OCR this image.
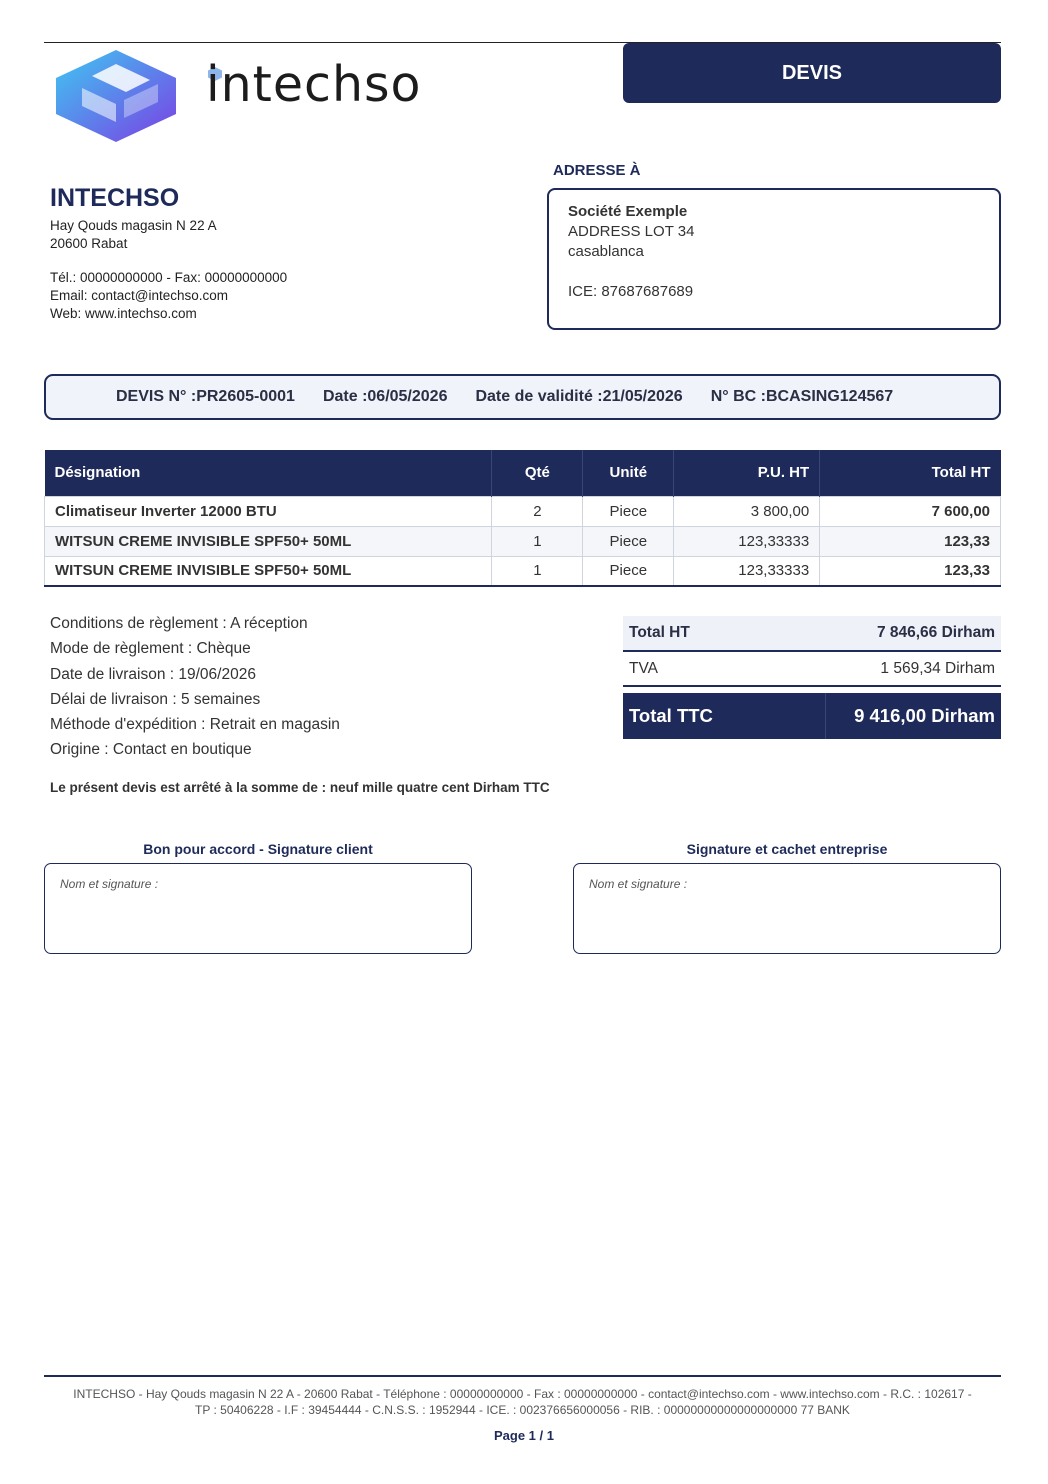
intechso	DEVIS
INTECHSO
Hay Qouds magasin N 22 A
20600 Rabat
Tél.: 00000000000 - Fax: 00000000000
Email: contact@intechso.com
Web: www.intechso.com
ADRESSE À
Société Exemple
ADDRESS LOT 34
casablanca
ICE: 87687687689
DEVIS N° :PR2605-0001 Date :06/05/2026 Date de validité :21/05/2026 N° BC :BCASING124567
Désignation	Qté	Unité	P.U. HT	Total HT
Climatiseur Inverter 12000 BTU	2	Piece	3 800,00	7 600,00
WITSUN CREME INVISIBLE SPF50+ 50ML	1	Piece	123,33333	123,33
WITSUN CREME INVISIBLE SPF50+ 50ML	1	Piece	123,33333	123,33
Conditions de règlement : A réception
Mode de règlement : Chèque
Date de livraison : 19/06/2026
Délai de livraison : 5 semaines
Méthode d'expédition : Retrait en magasin
Origine : Contact en boutique
Total HT	7 846,66 Dirham
TVA	1 569,34 Dirham
Total TTC	9 416,00 Dirham
Le présent devis est arrêté à la somme de : neuf mille quatre cent Dirham TTC
Bon pour accord - Signature client
Nom et signature :
Signature et cachet entreprise
Nom et signature :
INTECHSO - Hay Qouds magasin N 22 A - 20600 Rabat - Téléphone : 00000000000 - Fax : 00000000000 - contact@intechso.com - www.intechso.com - R.C. : 102617 -
TP : 50406228 - I.F : 39454444 - C.N.S.S. : 1952944 - ICE. : 002376656000056 - RIB. : 00000000000000000000 77 BANK
Page 1 / 1
